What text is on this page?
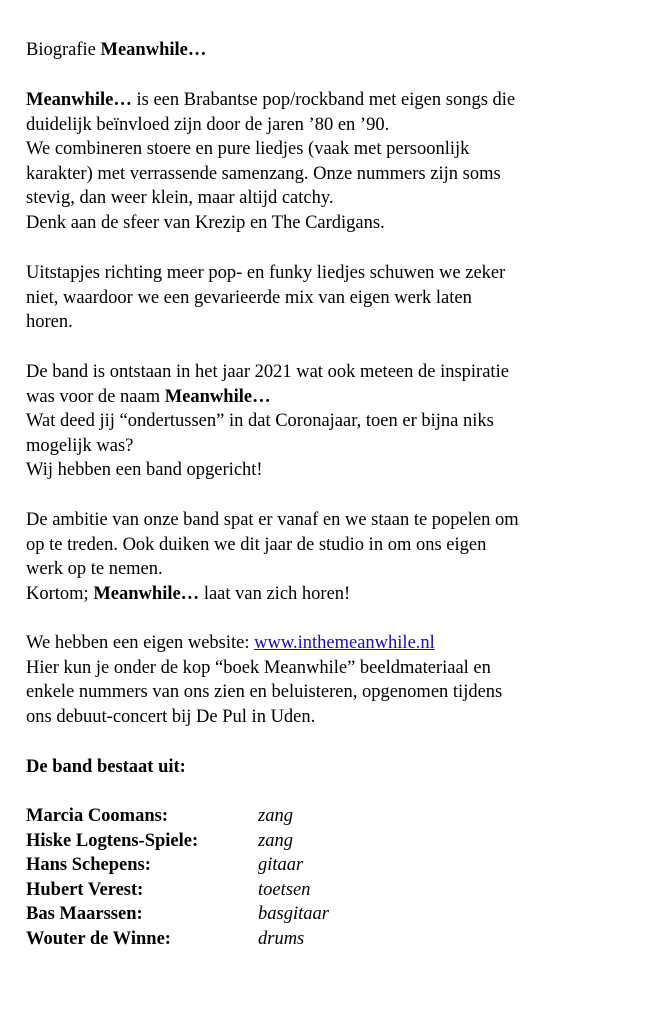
Biografie Meanwhile…
Meanwhile… is een Brabantse pop/rockband met eigen songs die
duidelijk beïnvloed zijn door de jaren ’80 en ’90.
We combineren stoere en pure liedjes (vaak met persoonlijk
karakter) met verrassende samenzang. Onze nummers zijn soms
stevig, dan weer klein, maar altijd catchy.
Denk aan de sfeer van Krezip en The Cardigans.
Uitstapjes richting meer pop- en funky liedjes schuwen we zeker
niet, waardoor we een gevarieerde mix van eigen werk laten
horen.
De band is ontstaan in het jaar 2021 wat ook meteen de inspiratie
was voor de naam Meanwhile…
Wat deed jij “ondertussen” in dat Coronajaar, toen er bijna niks
mogelijk was?
Wij hebben een band opgericht!
De ambitie van onze band spat er vanaf en we staan te popelen om
op te treden. Ook duiken we dit jaar de studio in om ons eigen
werk op te nemen.
Kortom; Meanwhile… laat van zich horen!
We hebben een eigen website: www.inthemeanwhile.nl
Hier kun je onder de kop “boek Meanwhile” beeldmateriaal en
enkele nummers van ons zien en beluisteren, opgenomen tijdens
ons debuut-concert bij De Pul in Uden.
De band bestaat uit:
Marcia Coomans:	zang
Hiske Logtens-Spiele:	zang
Hans Schepens:	gitaar
Hubert Verest:	toetsen
Bas Maarssen:	basgitaar
Wouter de Winne:	drums
